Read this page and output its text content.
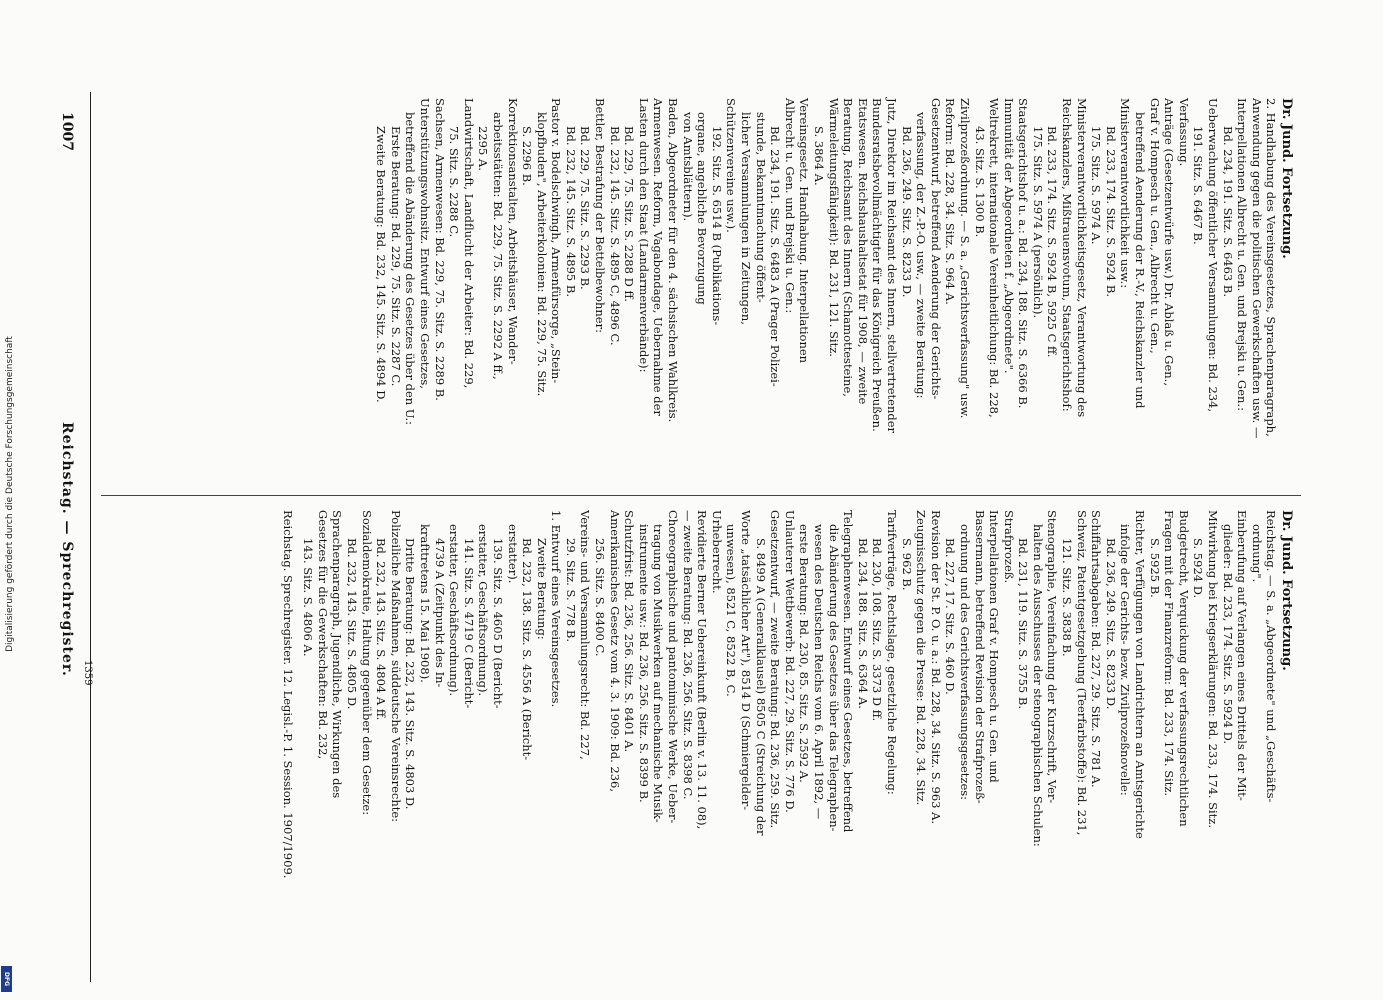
Digitalisierung gefördert durch die Deutsche Forschungsgemeinschaft
DFG
1007
Reichstag. — Sprechregister.

Dr. Jund. Fortsetzung.

2. Handhabung des Vereinsgesetzes, Sprachenparagraph,

Anwendung gegen die politischen Gewerkschaften usw. —

Interpellationen Albrecht u. Gen. und Brejski u. Gen.:

Bd. 234, 191. Sitz. S. 6463 B.

Ueberwachung öffentlicher Versammlungen: Bd. 234,

191. Sitz. S. 6467 B.

Verfassung.

Anträge (Gesetzentwürfe usw.) Dr. Ablaß u. Gen.,

Graf v. Hompesch u. Gen., Albrecht u. Gen.,

betreffend Aenderung der R.-V., Reichskanzler und

Ministerverantwortlichkeit usw.:

Bd. 233, 174. Sitz. S. 5924 B.

175. Sitz. S. 5974 A.

Ministerverantwortlichkeitsgesetz, Verantwortung des

Reichskanzlers, Mißtrauensvotum, Staatsgerichtshof:

Bd. 233, 174. Sitz. S. 5924 B, 5925 C ff.

175. Sitz. S. 5974 A (persönlich).

Staatsgerichtshof u. a.: Bd. 234, 188. Sitz. S. 6366 B.

Immunität der Abgeordneten f. „Abgeordnete".

Weltrekrett, internationale Vereinheitlichung: Bd. 228,

43. Sitz. S. 1300 B.

Zivilprozeßordnung. — S. a. „Gerichtsverfassung" usw.

Reform: Bd. 228, 34. Sitz. S. 964 A.

Gesetzentwurf, betreffend Aenderung der Gerichts-

verfassung, der Z.-P.-O. usw., — zweite Beratung:

Bd. 236, 249. Sitz. S. 8233 D.

Jutz, Direktor im Reichsamt des Innern, stellvertretender

Bundesratsbevollmächtigter für das Königreich Preußen.

Etatswesen. Reichshaushaltsetat für 1908, — zweite

Beratung, Reichsamt des Innern (Schamottesteine,

Wärmeleitungsfähigkeit): Bd. 231, 121. Sitz.

S. 3864 A.

Vereinsgesetz. Handhabung. Interpellationen

Albrecht u. Gen. und Brejski u. Gen.:

Bd. 234, 191. Sitz. S. 6483 A (Prager Polizei-

stunde, Bekanntmachung öffent-

licher Versammlungen in Zeitungen,

Schützenvereine usw.).

192. Sitz. S. 6514 B (Publikations-

organe, angebliche Bevorzugung

von Amtsblättern).

Baden, Abgeordneter für den 4. sächsischen Wahlkreis.

Armenwesen. Reform, Vagabondage, Uebernahme der

Lasten durch den Staat (Landarmenverbände):

Bd. 229, 75. Sitz. S. 2288 D ff.

Bd. 232, 145. Sitz. S. 4895 C, 4896 C.

Bettler, Bestrafung der Bettelbewohner:

Bd. 229, 75. Sitz. S. 2293 B.

Bd. 232, 145. Sitz. S. 4895 B.

Pastor v. Bodelschwingh, Armenfürsorge, „Stein-

klopfbuden", Arbeiterkolonien: Bd. 229, 75. Sitz.

S. 2296 B.

Korrektionsanstalten, Arbeitshäuser, Wander-

arbeitsstätten: Bd. 229, 75. Sitz. S. 2292 A ff.,

2295 A.

Landwirtschaft, Landflucht der Arbeiter: Bd. 229,

75. Sitz. S. 2288 C.

Sachsen, Armenwesen: Bd. 229, 75. Sitz. S. 2289 B.

Unterstützungswohnsitz. Entwurf eines Gesetzes,

betreffend die Abänderung des Gesetzes über den U.:

Erste Beratung: Bd. 229, 75. Sitz. S. 2287 C.

Zweite Beratung: Bd. 232, 145. Sitz. S. 4894 D.

Dr. Jund. Fortsetzung.

Reichstag. — S. a. „Abgeordnete" und „Geschäfts-

ordnung".

Einberufung auf Verlangen eines Drittels der Mit-

glieder: Bd. 233, 174. Sitz. S. 5924 D.

Mitwirkung bei Kriegserklärungen: Bd. 233, 174. Sitz.

S. 5924 D.

Budgetrecht, Verquickung der verfassungsrechtlichen

Fragen mit der Finanzreform: Bd. 233, 174. Sitz.

S. 5925 B.

Richter, Verfügungen von Landrichtern an Amtsgerichte

infolge der Gerichts- bezw. Zivilprozeßnovelle:

Bd. 236, 249. Sitz. S. 8233 D.

Schiffahrtsabgaben: Bd. 227, 29. Sitz. S. 781 A.

Schweiz, Patentgesetzgebung (Teerfarbstoffe): Bd. 231,

121. Sitz. S. 3838 B.

Stenographie, Vereinfachung der Kurzschrift, Ver-

halten des Ausschusses der stenographischen Schulen:

Bd. 231, 119. Sitz. S. 3755 B.

Strafprozeß.

Interpellationen Graf v. Hompesch u. Gen. und

Bassermann, betreffend Revision der Strafprozeß-

ordnung und des Gerichtsverfassungsgesetzes:

Bd. 227, 17. Sitz. S. 460 D.

Revision der St. P. O. u. a.: Bd. 228, 34. Sitz. S. 963 A.

Zeugnisschutz gegen die Presse: Bd. 228, 34. Sitz.

S. 962 B.

Tarifverträge, Rechtslage, gesetzliche Regelung:

Bd. 230, 108. Sitz. S. 3373 D ff.

Bd. 234, 188. Sitz. S. 6364 A.

Telegraphenwesen. Entwurf eines Gesetzes, betreffend

die Abänderung des Gesetzes über das Telegraphen-

wesen des Deutschen Reichs vom 6. April 1892, —

erste Beratung: Bd. 230, 85. Sitz. S. 2592 A.

Unlauterer Wettbewerb: Bd. 227, 29. Sitz. S. 776 D.

Gesetzentwurf, — zweite Beratung: Bd. 236, 259. Sitz.

S. 8499 A (Generalklausel) 8505 C (Streichung der

Worte „tatsächlicher Art"), 8514 D (Schmiergelder-

unwesen), 8521 C, 8522 B, C.

Urheberrecht.

Revidierte Berner Uebereinkunft (Berlin v. 13. 11. 08),

— zweite Beratung: Bd. 236, 256. Sitz. S. 8398 C.

Choreographische und pantomimische Werke, Ueber-

tragung von Musikwerken auf mechanische Musik-

instrumente usw.: Bd. 236, 256. Sitz. S. 8399 B.

Schutzfrist: Bd. 236, 256. Sitz. S. 8401 A.

Amerikanisches Gesetz vom 4. 3. 1909: Bd. 236,

256. Sitz. S. 8400 C.

Vereins- und Versammlungsrecht: Bd. 227,

29. Sitz. S. 778 B.

1. Entwurf eines Vereinsgesetzes.

Zweite Beratung:

Bd. 232, 138. Sitz. S. 4556 A (Bericht-

erstatter).

139. Sitz. S. 4605 D (Bericht-

erstatter, Geschäftsordnung).

141. Sitz. S. 4719 C (Bericht-

erstatter, Geschäftsordnung).

4739 A (Zeitpunkt des In-

krafttretens 15. Mai 1908).

Dritte Beratung: Bd. 232, 143. Sitz. S. 4803 D.

Polizeiliche Maßnahmen, süddeutsche Vereinsrechte:

Bd. 232, 143. Sitz. S. 4804 A ff.

Sozialdemokratie, Haltung gegenüber dem Gesetze:

Bd. 232, 143. Sitz. S. 4805 D.

Sprachenparagraph, Jugendliche, Wirkungen des

Gesetzes für die Gewerkschaften: Bd. 232,

143. Sitz. S. 4806 A.

Reichstag. Sprechregister. 12. Legisl.-P. 1. Session. 1907/1909.

1359
